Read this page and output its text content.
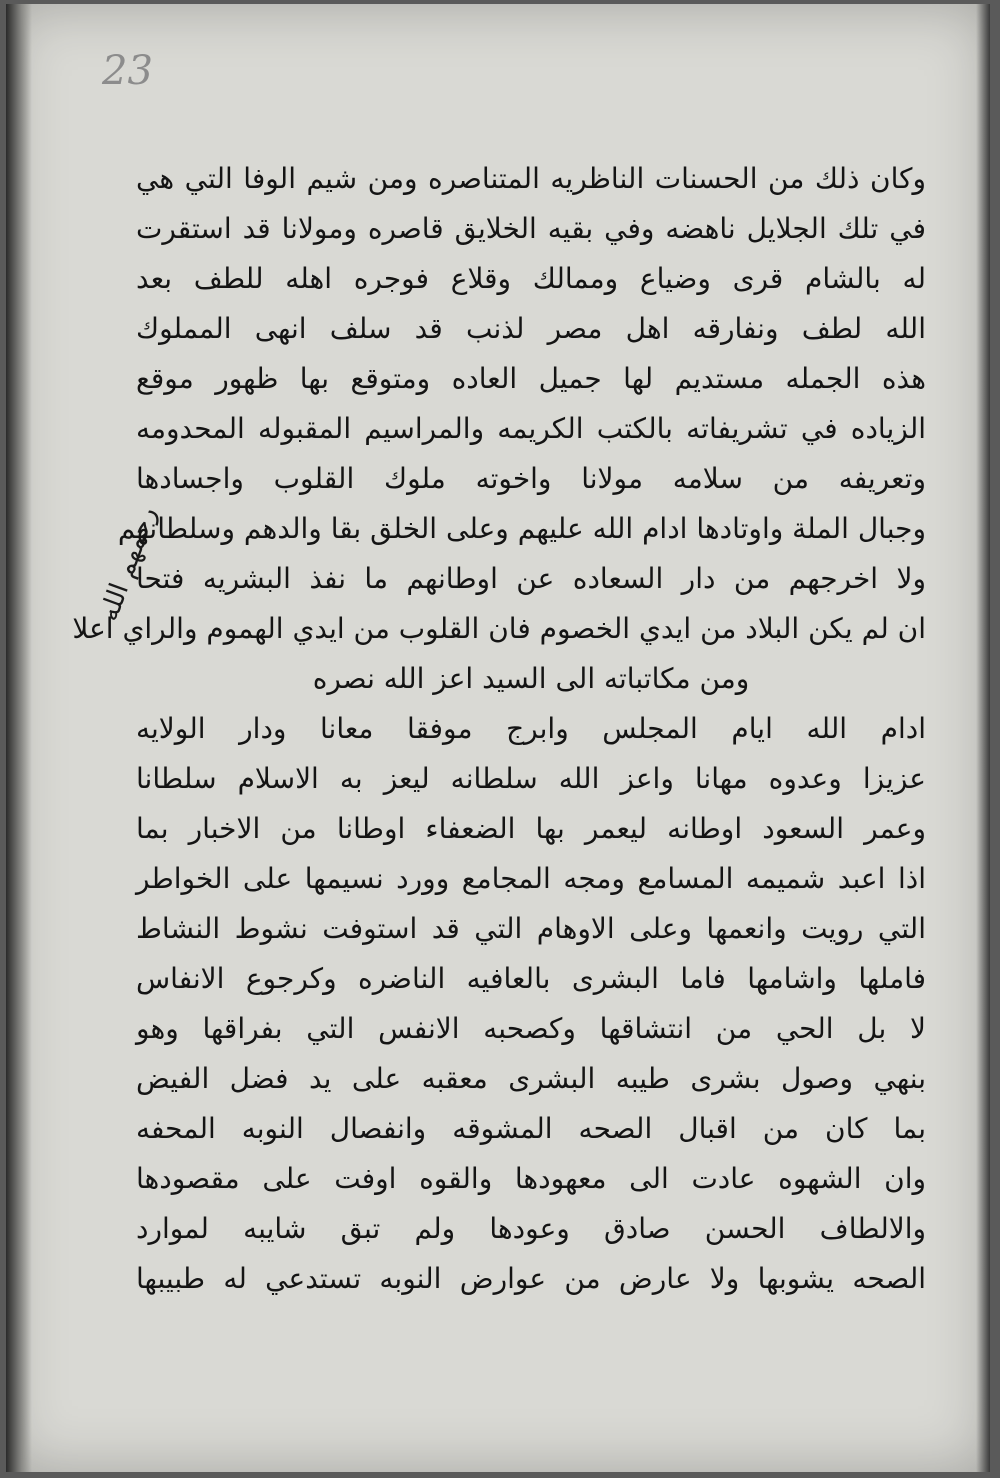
23
رحمهم الله
وكان ذلك من الحسنات الناظريه المتناصره ومن شيم الوفا التي هي
في تلك الجلايل ناهضه وفي بقيه الخلايق قاصره ومولانا قد استقرت
له بالشام قرى وضياع وممالك وقلاع فوجره اهله للطف بعد
الله لطف ونفارقه اهل مصر لذنب قد سلف انهى المملوك
هذه الجمله مستديم لها جميل العاده ومتوقع بها ظهور موقع
الزياده في تشريفاته بالكتب الكريمه والمراسيم المقبوله المحدومه
وتعريفه من سلامه مولانا واخوته ملوك القلوب واجسادها
وجبال الملة واوتادها ادام الله عليهم وعلى الخلق بقا والدهم وسلطانهم
ولا اخرجهم من دار السعاده عن اوطانهم ما نفذ البشريه فتحا
ان لم يكن البلاد من ايدي الخصوم فان القلوب من ايدي الهموم والراي اعلا
ومن مكاتباته الى السيد اعز الله نصره
ادام الله ايام المجلس وابرج موفقا معانا ودار الولايه
عزيزا وعدوه مهانا واعز الله سلطانه ليعز به الاسلام سلطانا
وعمر السعود اوطانه ليعمر بها الضعفاء اوطانا من الاخبار بما
اذا اعبد شميمه المسامع ومجه المجامع وورد نسيمها على الخواطر
التي رويت وانعمها وعلى الاوهام التي قد استوفت نشوط النشاط
فاملها واشامها فاما البشرى بالعافيه الناضره وكرجوع الانفاس
لا بل الحي من انتشاقها وكصحبه الانفس التي بفراقها وهو
بنهي وصول بشرى طيبه البشرى معقبه على يد فضل الفيض
بما كان من اقبال الصحه المشوقه وانفصال النوبه المحفه
وان الشهوه عادت الى معهودها والقوه اوفت على مقصودها
والالطاف الحسن صادق وعودها ولم تبق شايبه لموارد
الصحه يشوبها ولا عارض من عوارض النوبه تستدعي له طبيبها
